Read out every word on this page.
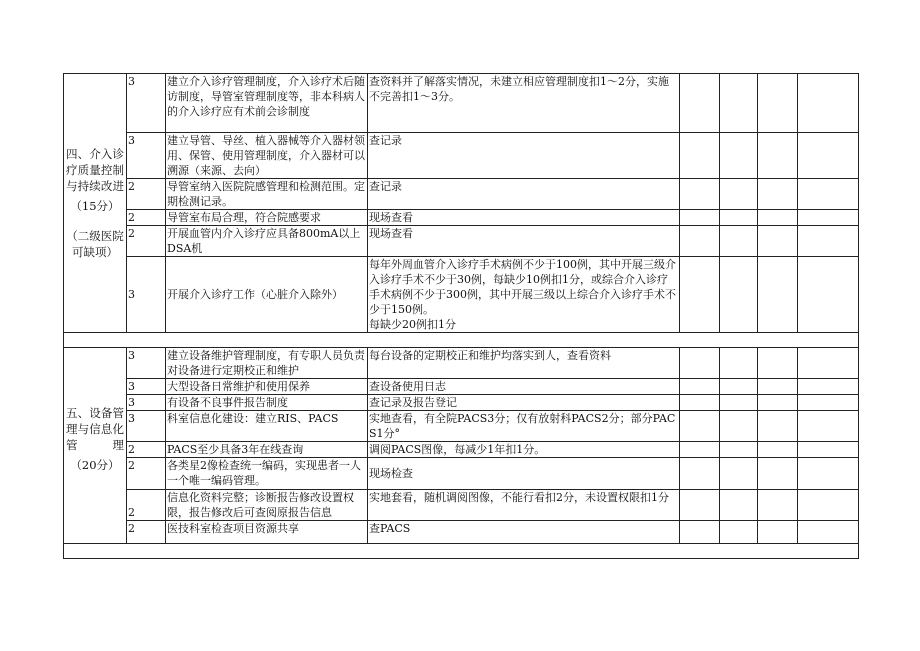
四、介入诊疗质量控制与持续改进
（15分）
（二级医院可缺项）	3	建立介入诊疗管理制度，介入诊疗术后随访制度，导管室管理制度等，非本科病人的介入诊疗应有术前会诊制度	查资料并了解落实情况，未建立相应管理制度扣1～2分，实施不完善扣1～3分。				
	3	建立导管、导丝、植入器械等介入器材领用、保管、使用管理制度，介入器材可以溯源（来源、去向）	查记录				
	2	导管室纳入医院院感管理和检测范围。定期检测记录。	查记录				
	2	导管室布局合理，符合院感要求	现场查看				
	2	开展血管内介入诊疗应具备800mA以上DSA机	现场查看				
	3	开展介入诊疗工作（心脏介入除外）	每年外周血管介入诊疗手术病例不少于100例，其中开展三级介入诊疗手术不少于30例，每缺少10例扣1分，或综合介入诊疗手术病例不少于300例，其中开展三级以上综合介入诊疗手术不少于150例。
每缺少20例扣1分				

五、设备管理与信息化管理
（20分）	3	建立设备维护管理制度，有专职人员负责对设备进行定期校正和维护	每台设备的定期校正和维护均落实到人，查看资料				
	3	大型设备日常维护和使用保养	查设备使用日志				
	3	有设备不良事件报告制度	查记录及报告登记				
	3	科室信息化建设：建立RIS、PACS	实地查看，有全院PACS3分；仅有放射科PACS2分；部分PACS1分°				
	2	PACS至少具备3年在线查询	调阅PACS图像，每减少1年扣1分。				
	2	各类星2像检查统一编码，实现患者一人一个唯一编码管理。	现场检查				
	2	信息化资料完整；诊断报告修改设置权限，报告修改后可查阅原报告信息	实地套看，随机调阅图像，不能行看扣2分，未设置权限扣1分				
	2	医技科室检查项目资源共享	查PACS				
